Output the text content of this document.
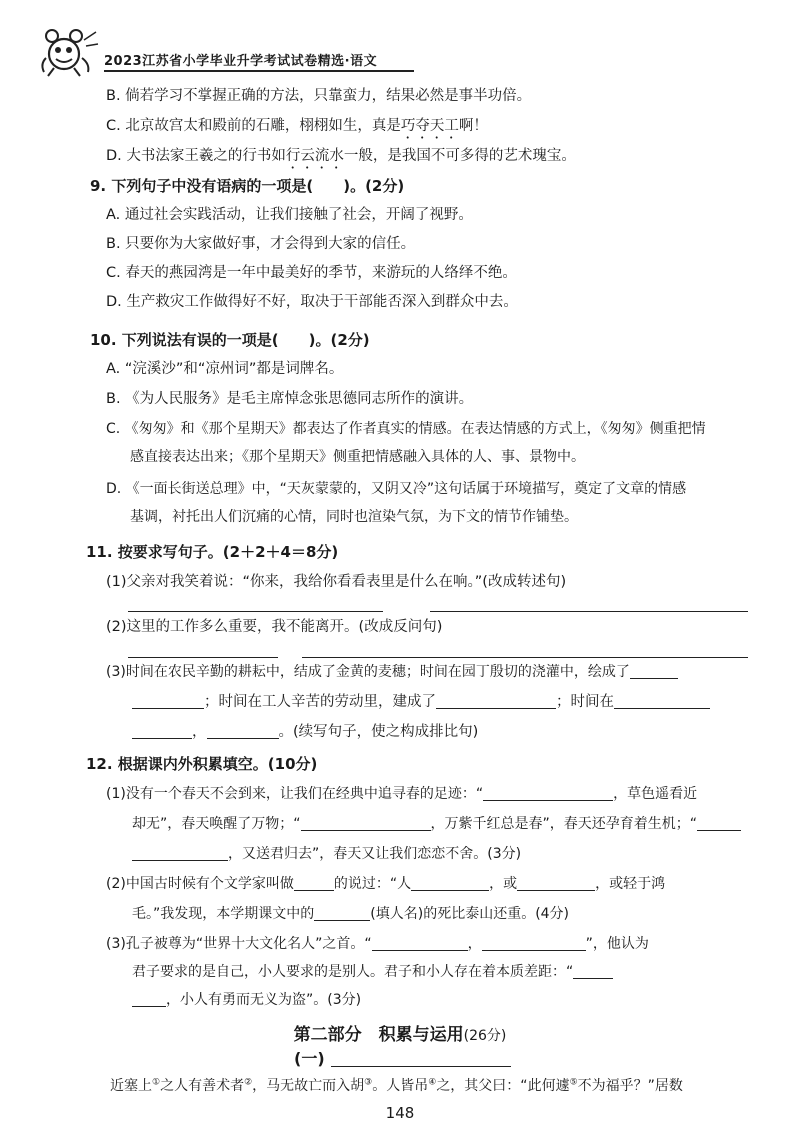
2023江苏省小学毕业升学考试试卷精选·语文
B. 倘若学习不掌握正确的方法，只靠蛮力，结果必然是事半功倍。
C. 北京故宫太和殿前的石雕，栩栩如生，真是巧夺天工啊！
D. 大书法家王羲之的行书如行云流水一般，是我国不可多得的艺术瑰宝。
9. 下列句子中没有语病的一项是(　　)。(2分)
A. 通过社会实践活动，让我们接触了社会，开阔了视野。
B. 只要你为大家做好事，才会得到大家的信任。
C. 春天的燕园湾是一年中最美好的季节，来游玩的人络绎不绝。
D. 生产救灾工作做得好不好，取决于干部能否深入到群众中去。
10. 下列说法有误的一项是(　　)。(2分)
A. “浣溪沙”和“凉州词”都是词牌名。
B. 《为人民服务》是毛主席悼念张思德同志所作的演讲。
C. 《匆匆》和《那个星期天》都表达了作者真实的情感。在表达情感的方式上，《匆匆》侧重把情
感直接表达出来；《那个星期天》侧重把情感融入具体的人、事、景物中。
D. 《一面长街送总理》中，“天灰蒙蒙的，又阴又冷”这句话属于环境描写，奠定了文章的情感
基调，衬托出人们沉痛的心情，同时也渲染气氛，为下文的情节作铺垫。
11. 按要求写句子。(2＋2＋4＝8分)
(1)父亲对我笑着说：“你来，我给你看看表里是什么在响。”(改成转述句)
(2)这里的工作多么重要，我不能离开。(改成反问句)
(3)时间在农民辛勤的耕耘中，结成了金黄的麦穗；时间在园丁殷切的浇灌中，绘成了
；时间在工人辛苦的劳动里，建成了	；时间在
，	。(续写句子，使之构成排比句)
12. 根据课内外积累填空。(10分)
(1)没有一个春天不会到来，让我们在经典中追寻春的足迹：“	，草色遥看近
却无”，春天唤醒了万物；“	，万紫千红总是春”，春天还孕育着生机；“
，又送君归去”，春天又让我们恋恋不舍。(3分)
(2)中国古时候有个文学家叫做	的说过：“人	，或	，或轻于鸿
毛。”我发现，本学期课文中的	(填人名)的死比泰山还重。(4分)
(3)孔子被尊为“世界十大文化名人”之首。“	，	”，他认为
君子要求的是自己，小人要求的是别人。君子和小人存在着本质差距：“
，小人有勇而无义为盗”。(3分)
第二部分　积累与运用(26分)
(一)
148
近塞上①之人有善术者②，马无故亡而入胡③。人皆吊④之，其父曰：“此何遽⑤不为福乎？”居数
